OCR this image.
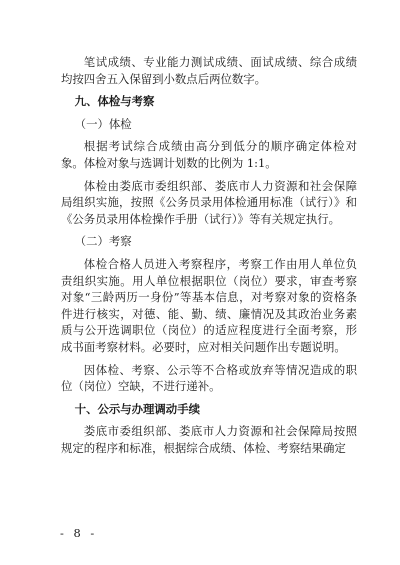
笔试成绩、专业能力测试成绩、面试成绩、综合成绩均按四舍五入保留到小数点后两位数字。

九、体检与考察

（一）体检

根据考试综合成绩由高分到低分的顺序确定体检对象。体检对象与选调计划数的比例为 1:1。

体检由娄底市委组织部、娄底市人力资源和社会保障局组织实施，按照《公务员录用体检通用标准（试行）》和《公务员录用体检操作手册（试行）》等有关规定执行。

（二）考察

体检合格人员进入考察程序，考察工作由用人单位负责组织实施。用人单位根据职位（岗位）要求，审查考察对象“三龄两历一身份”等基本信息，对考察对象的资格条件进行核实，对德、能、勤、绩、廉情况及其政治业务素质与公开选调职位（岗位）的适应程度进行全面考察，形成书面考察材料。必要时，应对相关问题作出专题说明。

因体检、考察、公示等不合格或放弃等情况造成的职位（岗位）空缺，不进行递补。

十、公示与办理调动手续

娄底市委组织部、娄底市人力资源和社会保障局按照规定的程序和标准，根据综合成绩、体检、考察结果确定

- 8 -
